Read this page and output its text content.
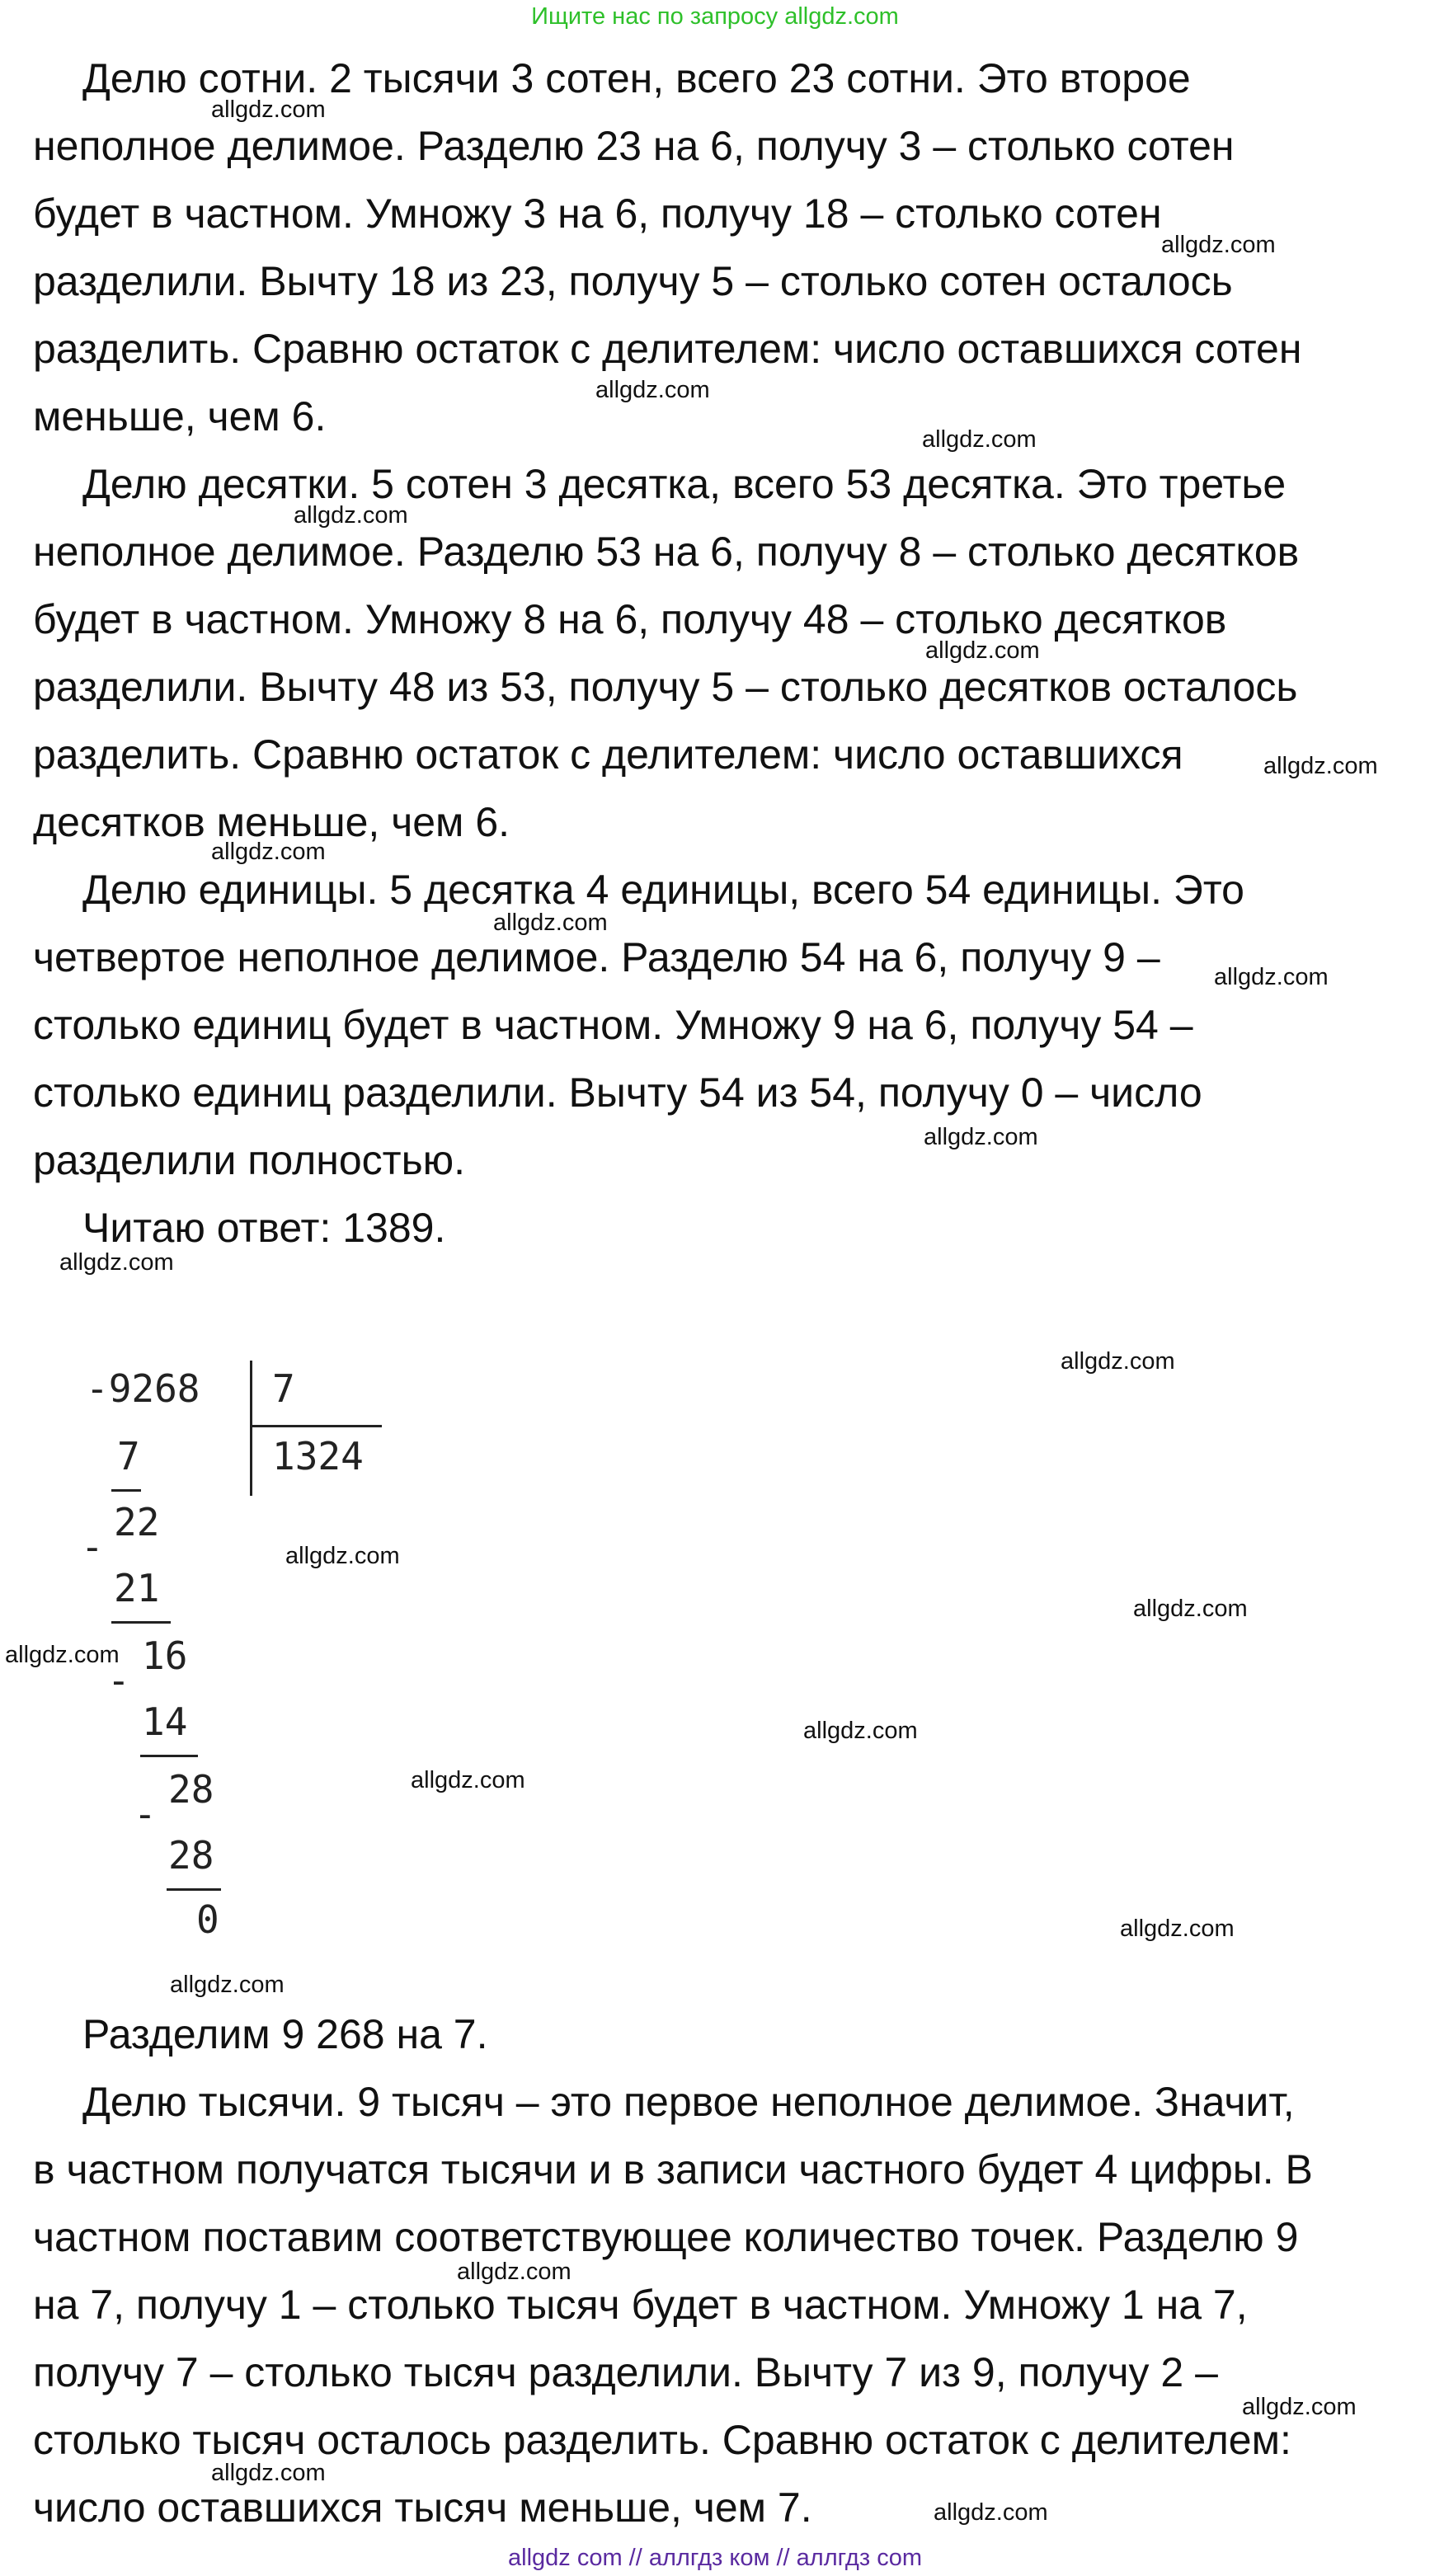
Ищите нас по запросу allgdz.com
Делю сотни. 2 тысячи 3 сотен, всего 23 сотни. Это второе
неполное делимое. Разделю 23 на 6, получу 3 – столько сотен
будет в частном. Умножу 3 на 6, получу 18 – столько сотен
разделили. Вычту 18 из 23, получу 5 – столько сотен осталось
разделить. Сравню остаток с делителем: число оставшихся сотен
меньше, чем 6.
Делю десятки. 5 сотен 3 десятка, всего 53 десятка. Это третье
неполное делимое. Разделю 53 на 6, получу 8 – столько десятков
будет в частном. Умножу 8 на 6, получу 48 – столько десятков
разделили. Вычту 48 из 53, получу 5 – столько десятков осталось
разделить. Сравню остаток с делителем: число оставшихся
десятков меньше, чем 6.
Делю единицы. 5 десятка 4 единицы, всего 54 единицы. Это
четвертое неполное делимое. Разделю 54 на 6, получу 9 –
столько единиц будет в частном. Умножу 9 на 6, получу 54 –
столько единиц разделили. Вычту 54 из 54, получу 0 – число
разделили полностью.
Читаю ответ: 1389.
-9268 7
1324
7
22
-
21
16
-
14
28
-
28
0
Разделим 9 268 на 7.
Делю тысячи. 9 тысяч – это первое неполное делимое. Значит,
в частном получатся тысячи и в записи частного будет 4 цифры. В
частном поставим соответствующее количество точек. Разделю 9
на 7, получу 1 – столько тысяч будет в частном. Умножу 1 на 7,
получу 7 – столько тысяч разделили. Вычту 7 из 9, получу 2 –
столько тысяч осталось разделить. Сравню остаток с делителем:
число оставшихся тысяч меньше, чем 7.
allgdz.com
allgdz.com
allgdz.com
allgdz.com
allgdz.com
allgdz.com
allgdz.com
allgdz.com
allgdz.com
allgdz.com
allgdz.com
allgdz.com
allgdz.com
allgdz.com
allgdz.com
allgdz.com
allgdz.com
allgdz.com
allgdz.com
allgdz.com
allgdz.com
allgdz.com
allgdz.com
allgdz.com
allgdz com // аллгдз ком // аллгдз com
